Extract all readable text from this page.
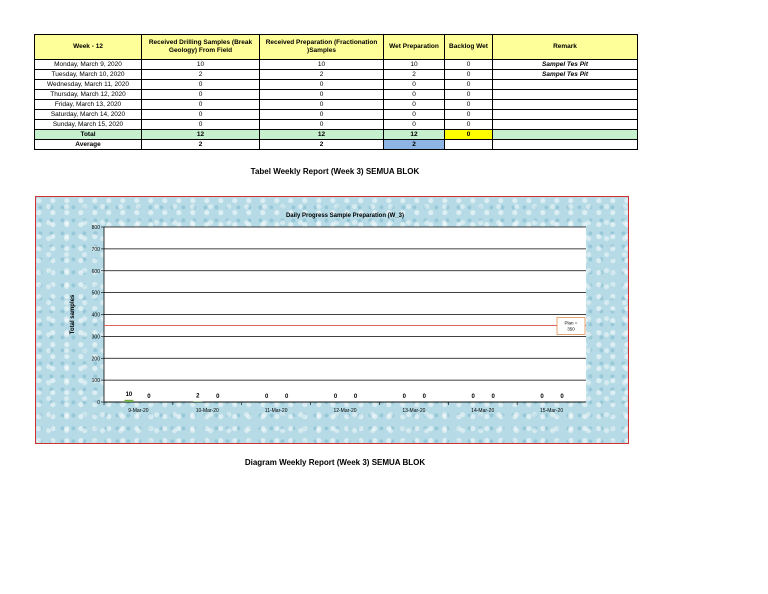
Week - 12	Received Drilling Samples (Break Geology) From Field	Received Preparation (Fractionation )Samples	Wet Preparation	Backlog Wet	Remark
Monday, March 9, 2020	10	10	10	0	Sampel Tes Pit
Tuesday, March 10, 2020	2	2	2	0	Sampel Tes Pit
Wednesday, March 11, 2020	0	0	0	0	
Thursday, March 12, 2020	0	0	0	0	
Friday, March 13, 2020	0	0	0	0	
Saturday, March 14, 2020	0	0	0	0	
Sunday, March 15, 2020	0	0	0	0	
Total	12	12	12	0	
Average	2	2	2		
Tabel Weekly Report (Week 3) SEMUA BLOK
Daily Progress Sample Preparation (W_3)
0
100
200
300
400
500
600
700
800
Total samples
9-Mar-20
10 0
10-Mar-20
2	0
11-Mar-20
0	0
12-Mar-20
0	0
13-Mar-20
0	0
14-Mar-20
0	0
15-Mar-20
0	0
Plan =
350
Diagram Weekly Report (Week 3) SEMUA BLOK
